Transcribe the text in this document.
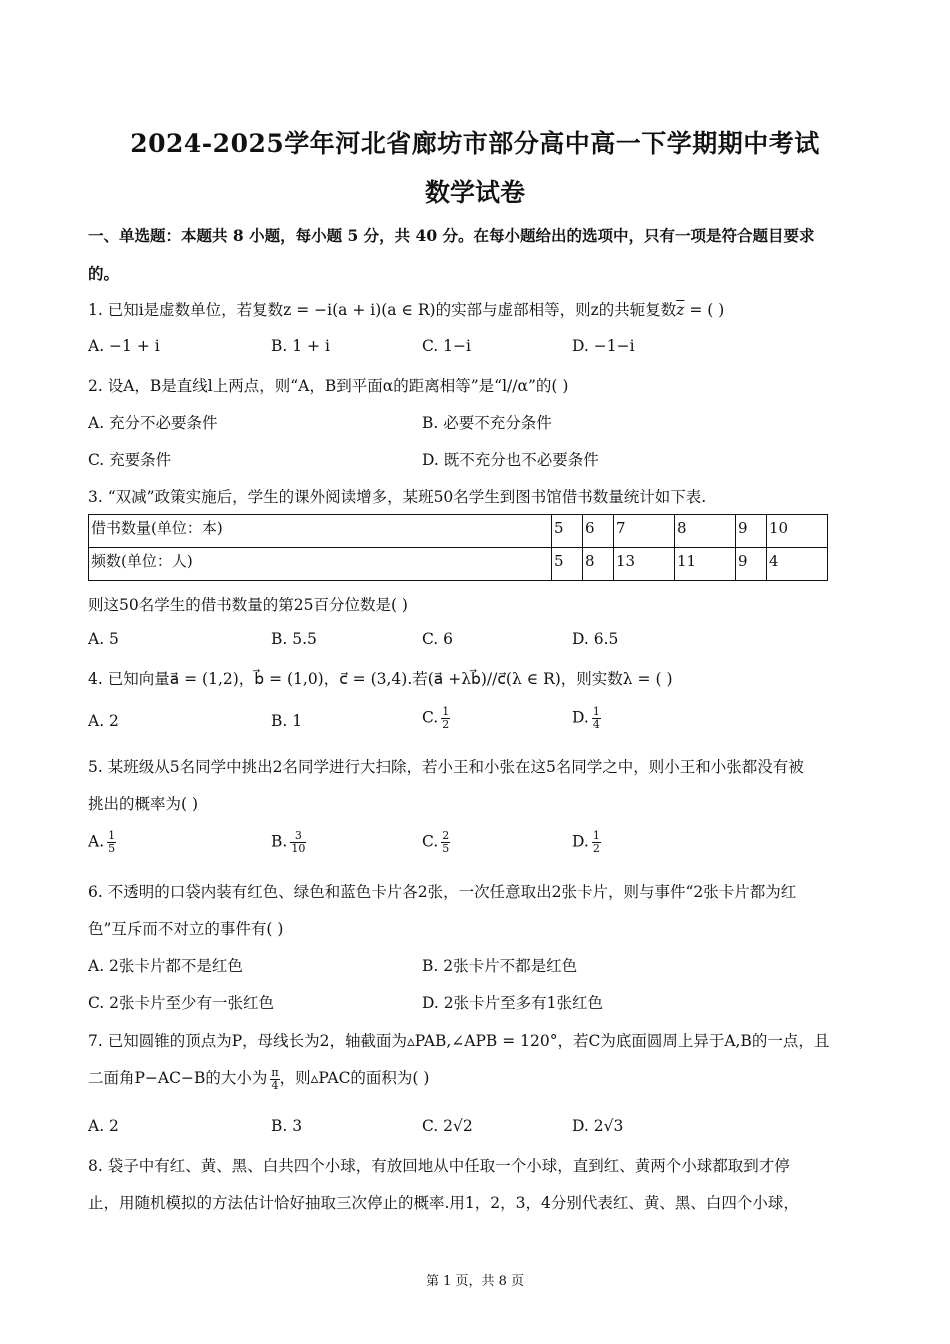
2024-2025学年河北省廊坊市部分高中高一下学期期中考试
数学试卷
一、单选题：本题共 8 小题，每小题 5 分，共 40 分。在每小题给出的选项中，只有一项是符合题目要求
的。
1. 已知i是虚数单位，若复数z = −i(a + i)(a ∈ R)的实部与虚部相等，则z的共轭复数$\overline{z}$ = ( )
A. −1 + i	B. 1 + i	C. 1−i	D. −1−i
2. 设A，B是直线l上两点，则“A，B到平面α的距离相等”是“l//α”的( )
A. 充分不必要条件	B. 必要不充分条件
C. 充要条件	D. 既不充分也不必要条件
3. “双减”政策实施后，学生的课外阅读增多，某班50名学生到图书馆借书数量统计如下表.
借书数量(单位：本)	5	6	7	8	9	10
频数(单位：人)	5	8	13	11	9	4
则这50名学生的借书数量的第25百分位数是( )
A. 5	B. 5.5	C. 6	D. 6.5
4. 已知向量a⃗ = (1,2)，b⃗ = (1,0)，c⃗ = (3,4).若(a⃗ +λb⃗)//c⃗(λ ∈ R)，则实数λ = ( )
A. 2	B. 1	C. $\frac{1}{2}$	D. $\frac{1}{4}$
5. 某班级从5名同学中挑出2名同学进行大扫除，若小王和小张在这5名同学之中，则小王和小张都没有被
挑出的概率为( )
A. $\frac{1}{5}$	B. $\frac{3}{10}$	C. $\frac{2}{5}$	D. $\frac{1}{2}$
6. 不透明的口袋内装有红色、绿色和蓝色卡片各2张，一次任意取出2张卡片，则与事件“2张卡片都为红
色”互斥而不对立的事件有( )
A. 2张卡片都不是红色	B. 2张卡片不都是红色
C. 2张卡片至少有一张红色	D. 2张卡片至多有1张红色
7. 已知圆锥的顶点为P，母线长为2，轴截面为▵PAB,∠APB = 120°，若C为底面圆周上异于A,B的一点，且
二面角P−AC−B的大小为 $\frac{\pi}{4}$ ，则▵PAC的面积为( )
A. 2	B. 3	C. 2√2	D. 2√3
8. 袋子中有红、黄、黑、白共四个小球，有放回地从中任取一个小球，直到红、黄两个小球都取到才停
止，用随机模拟的方法估计恰好抽取三次停止的概率.用1，2，3，4分别代表红、黄、黑、白四个小球，
第 1 页，共 8 页
